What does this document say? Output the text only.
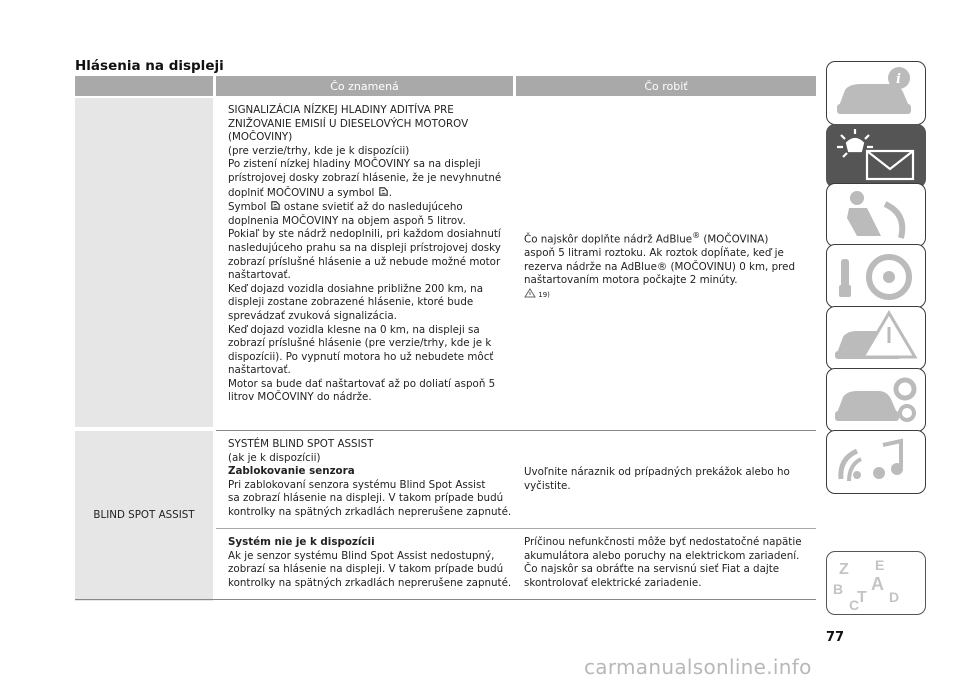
Hlásenia na displeji
Čo znamená	Čo robiť
BLIND SPOT ASSIST
SIGNALIZÁCIA NÍZKEJ HLADINY ADITÍVA PRE
ZNIŽOVANIE EMISIÍ U DIESELOVÝCH MOTOROV
(MOČOVINY)
(pre verzie/trhy, kde je k dispozícii)
Po zistení nízkej hladiny MOČOVINY sa na displeji
prístrojovej dosky zobrazí hlásenie, že je nevyhnutné
doplniť MOČOVINU a symbol .
Symbol ostane svietiť až do nasledujúceho
doplnenia MOČOVINY na objem aspoň 5 litrov.
Pokiaľ by ste nádrž nedoplnili, pri každom dosiahnutí
nasledujúceho prahu sa na displeji prístrojovej dosky
zobrazí príslušné hlásenie a už nebude možné motor
naštartovať.
Keď dojazd vozidla dosiahne približne 200 km, na
displeji zostane zobrazené hlásenie, ktoré bude
sprevádzať zvuková signalizácia.
Keď dojazd vozidla klesne na 0 km, na displeji sa
zobrazí príslušné hlásenie (pre verzie/trhy, kde je k
dispozícii). Po vypnutí motora ho už nebudete môcť
naštartovať.
Motor sa bude dať naštartovať až po doliatí aspoň 5
litrov MOČOVINY do nádrže.
Čo najskôr doplňte nádrž AdBlue® (MOČOVINA)
aspoň 5 litrami roztoku. Ak roztok dopĺňate, keď je
rezerva nádrže na AdBlue® (MOČOVINU) 0 km, pred
naštartovaním motora počkajte 2 minúty.
19)
SYSTÉM BLIND SPOT ASSIST
(ak je k dispozícii)
Zablokovanie senzora
Pri zablokovaní senzora systému Blind Spot Assist
sa zobrazí hlásenie na displeji. V takom prípade budú
kontrolky na spätných zrkadlách neprerušene zapnuté.
Uvoľnite náraznik od prípadných prekážok alebo ho
vyčistite.
Systém nie je k dispozícii
Ak je senzor systému Blind Spot Assist nedostupný,
zobrazí sa hlásenie na displeji. V takom prípade budú
kontrolky na spätných zrkadlách neprerušene zapnuté.
Príčinou nefunkčnosti môže byť nedostatočné napätie
akumulátora alebo poruchy na elektrickom zariadení.
Čo najskôr sa obráťte na servisnú sieť Fiat a dajte
skontrolovať elektrické zariadenie.
77
carmanualsonline.info
i
Z E
A
B
C
T D
